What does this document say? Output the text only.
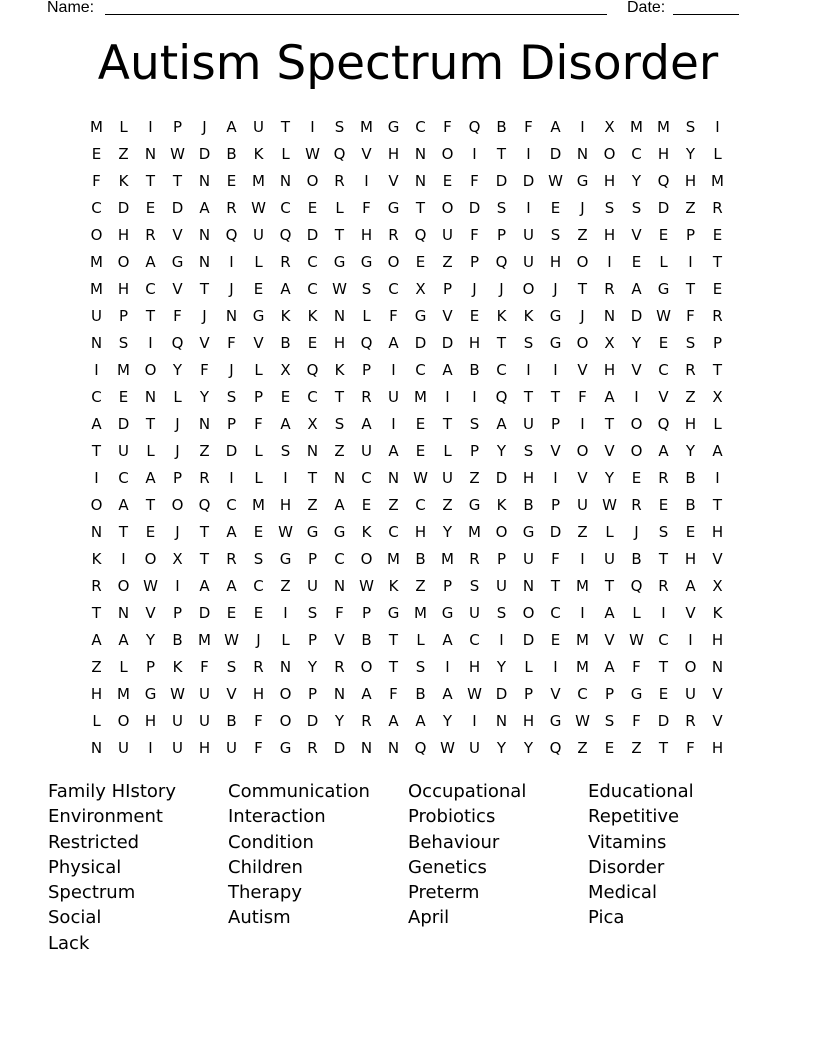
Name:	Date:
Autism Spectrum Disorder
M	L	I	P	J	A	U	T	I	S	M G	C	F	Q	B	F	A	I	X	M M	S	I
E	Z	N W D	B	K	L	W Q	V	H	N	O	I	T	I	D	N	O	C	H	Y	L
F	K	T	T	N	E	M N	O	R	I	V	N	E	F	D	D W G	H	Y	Q	H M
C	D	E	D	A	R W C	E	L	F	G	T	O	D	S	I	E	J	S	S	D	Z	R
O	H	R	V	N	Q	U	Q	D	T	H	R	Q	U	F	P	U	S	Z	H	V	E	P	E
M O	A	G	N	I	L	R	C	G	G	O	E	Z	P	Q	U	H	O	I	E	L	I	T
M H	C	V	T	J	E	A	C W S	C	X	P	J	J	O	J	T	R	A	G	T	E
U	P	T	F	J	N	G	K	K	N	L	F	G	V	E	K	K	G	J	N	D W	F	R
N	S	I	Q	V	F	V	B	E	H	Q	A	D	D	H	T	S	G	O	X	Y	E	S	P
I	M O	Y	F	J	L	X	Q	K	P	I	C	A	B	C	I	I	V	H	V	C	R	T
C	E	N	L	Y	S	P	E	C	T	R	U	M	I	I	Q	T	T	F	A	I	V	Z	X
A	D	T	J	N	P	F	A	X	S	A	I	E	T	S	A	U	P	I	T	O	Q	H	L
T	U	L	J	Z	D	L	S	N	Z	U	A	E	L	P	Y	S	V	O	V	O	A	Y	A
I	C	A	P	R	I	L	I	T	N	C	N W U	Z	D	H	I	V	Y	E	R	B	I
O	A	T	O	Q	C	M H	Z	A	E	Z	C	Z	G	K	B	P	U W R	E	B	T
N	T	E	J	T	A	E W G	G	K	C	H	Y	M O	G	D	Z	L	J	S	E	H
K	I	O	X	T	R	S	G	P	C	O M	B	M	R	P	U	F	I	U	B	T	H	V
R	O W	I	A	A	C	Z	U	N W K	Z	P	S	U	N	T	M	T	Q	R	A	X
T	N	V	P	D	E	E	I	S	F	P	G M G	U	S	O	C	I	A	L	I	V	K
A	A	Y	B	M W	J	L	P	V	B	T	L	A	C	I	D	E	M	V W C	I	H
Z	L	P	K	F	S	R	N	Y	R	O	T	S	I	H	Y	L	I	M	A	F	T	O	N
H M G W U	V	H	O	P	N	A	F	B	A W D	P	V	C	P	G	E	U	V
L	O	H	U	U	B	F	O	D	Y	R	A	A	Y	I	N	H	G W S	F	D	R	V
N	U	I	U	H	U	F	G	R	D	N	N	Q W U	Y	Y	Q	Z	E	Z	T	F	H
Family HIstory
Environment
Restricted
Physical
Spectrum
Social
Lack
Communication
Interaction
Condition
Children
Therapy
Autism
Occupational
Probiotics
Behaviour
Genetics
Preterm
April
Educational
Repetitive
Vitamins
Disorder
Medical
Pica
